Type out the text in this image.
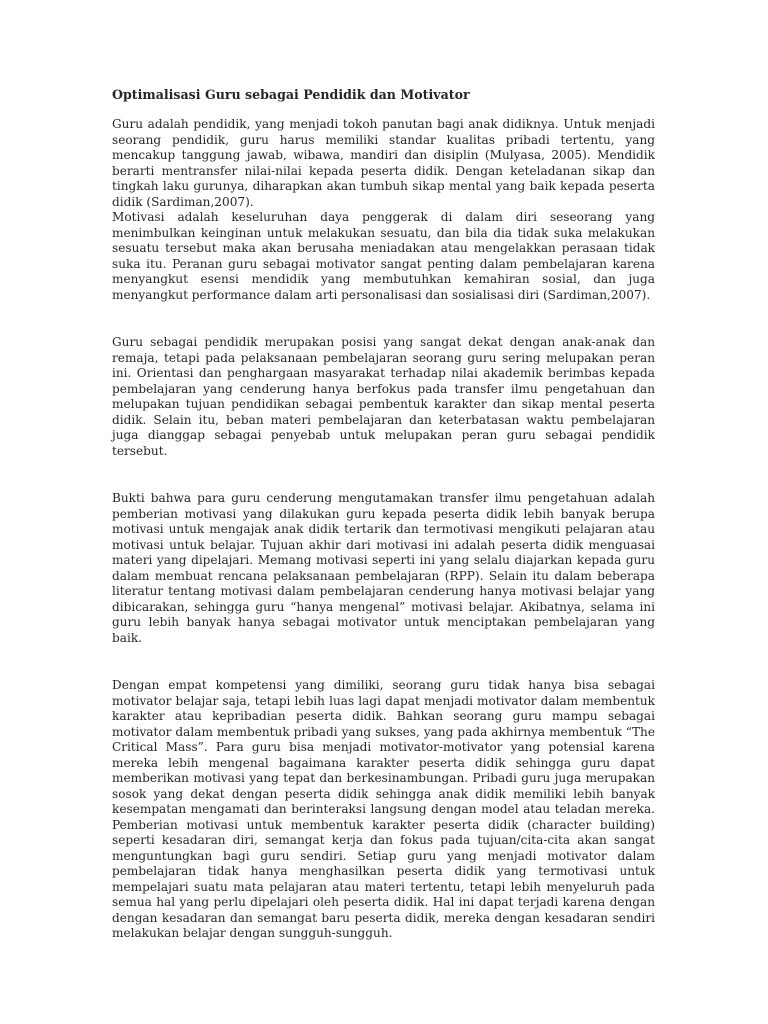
Optimalisasi Guru sebagai Pendidik dan Motivator

Guru adalah pendidik, yang menjadi tokoh panutan bagi anak didiknya. Untuk menjadi seorang pendidik, guru harus memiliki standar kualitas pribadi tertentu, yang mencakup tanggung jawab, wibawa, mandiri dan disiplin (Mulyasa, 2005). Mendidik berarti mentransfer nilai-nilai kepada peserta didik. Dengan keteladanan sikap dan tingkah laku gurunya, diharapkan akan tumbuh sikap mental yang baik kepada peserta didik (Sardiman,2007).

Motivasi adalah keseluruhan daya penggerak di dalam diri seseorang yang menimbulkan keinginan untuk melakukan sesuatu, dan bila dia tidak suka melakukan sesuatu tersebut maka akan berusaha meniadakan atau mengelakkan perasaan tidak suka itu. Peranan guru sebagai motivator sangat penting dalam pembelajaran karena menyangkut esensi mendidik yang membutuhkan kemahiran sosial, dan juga menyangkut performance dalam arti personalisasi dan sosialisasi diri (Sardiman,2007).

Guru sebagai pendidik merupakan posisi yang sangat dekat dengan anak-anak dan remaja, tetapi pada pelaksanaan pembelajaran seorang guru sering melupakan peran ini. Orientasi dan penghargaan masyarakat terhadap nilai akademik berimbas kepada pembelajaran yang cenderung hanya berfokus pada transfer ilmu pengetahuan dan melupakan tujuan pendidikan sebagai pembentuk karakter dan sikap mental peserta didik. Selain itu, beban materi pembelajaran dan keterbatasan waktu pembelajaran juga dianggap sebagai penyebab untuk melupakan peran guru sebagai pendidik tersebut.

Bukti bahwa para guru cenderung mengutamakan transfer ilmu pengetahuan adalah pemberian motivasi yang dilakukan guru kepada peserta didik lebih banyak berupa motivasi untuk mengajak anak didik tertarik dan termotivasi mengikuti pelajaran atau motivasi untuk belajar. Tujuan akhir dari motivasi ini adalah peserta didik menguasai materi yang dipelajari. Memang motivasi seperti ini yang selalu diajarkan kepada guru dalam membuat rencana pelaksanaan pembelajaran (RPP). Selain itu dalam beberapa literatur tentang motivasi dalam pembelajaran cenderung hanya motivasi belajar yang dibicarakan, sehingga guru “hanya mengenal” motivasi belajar. Akibatnya, selama ini guru lebih banyak hanya sebagai motivator untuk menciptakan pembelajaran yang baik.

Dengan empat kompetensi yang dimiliki, seorang guru tidak hanya bisa sebagai motivator belajar saja, tetapi lebih luas lagi dapat menjadi motivator dalam membentuk karakter atau kepribadian peserta didik. Bahkan seorang guru mampu sebagai motivator dalam membentuk pribadi yang sukses, yang pada akhirnya membentuk “The Critical Mass”. Para guru bisa menjadi motivator-motivator yang potensial karena mereka lebih mengenal bagaimana karakter peserta didik sehingga guru dapat memberikan motivasi yang tepat dan berkesinambungan. Pribadi guru juga merupakan sosok yang dekat dengan peserta didik sehingga anak didik memiliki lebih banyak kesempatan mengamati dan berinteraksi langsung dengan model atau teladan mereka. Pemberian motivasi untuk membentuk karakter peserta didik (character building) seperti kesadaran diri, semangat kerja dan fokus pada tujuan/cita-cita akan sangat menguntungkan bagi guru sendiri. Setiap guru yang menjadi motivator dalam pembelajaran tidak hanya menghasilkan peserta didik yang termotivasi untuk mempelajari suatu mata pelajaran atau materi tertentu, tetapi lebih menyeluruh pada semua hal yang perlu dipelajari oleh peserta didik. Hal ini dapat terjadi karena dengan dengan kesadaran dan semangat baru peserta didik, mereka dengan kesadaran sendiri melakukan belajar dengan sungguh-sungguh.
